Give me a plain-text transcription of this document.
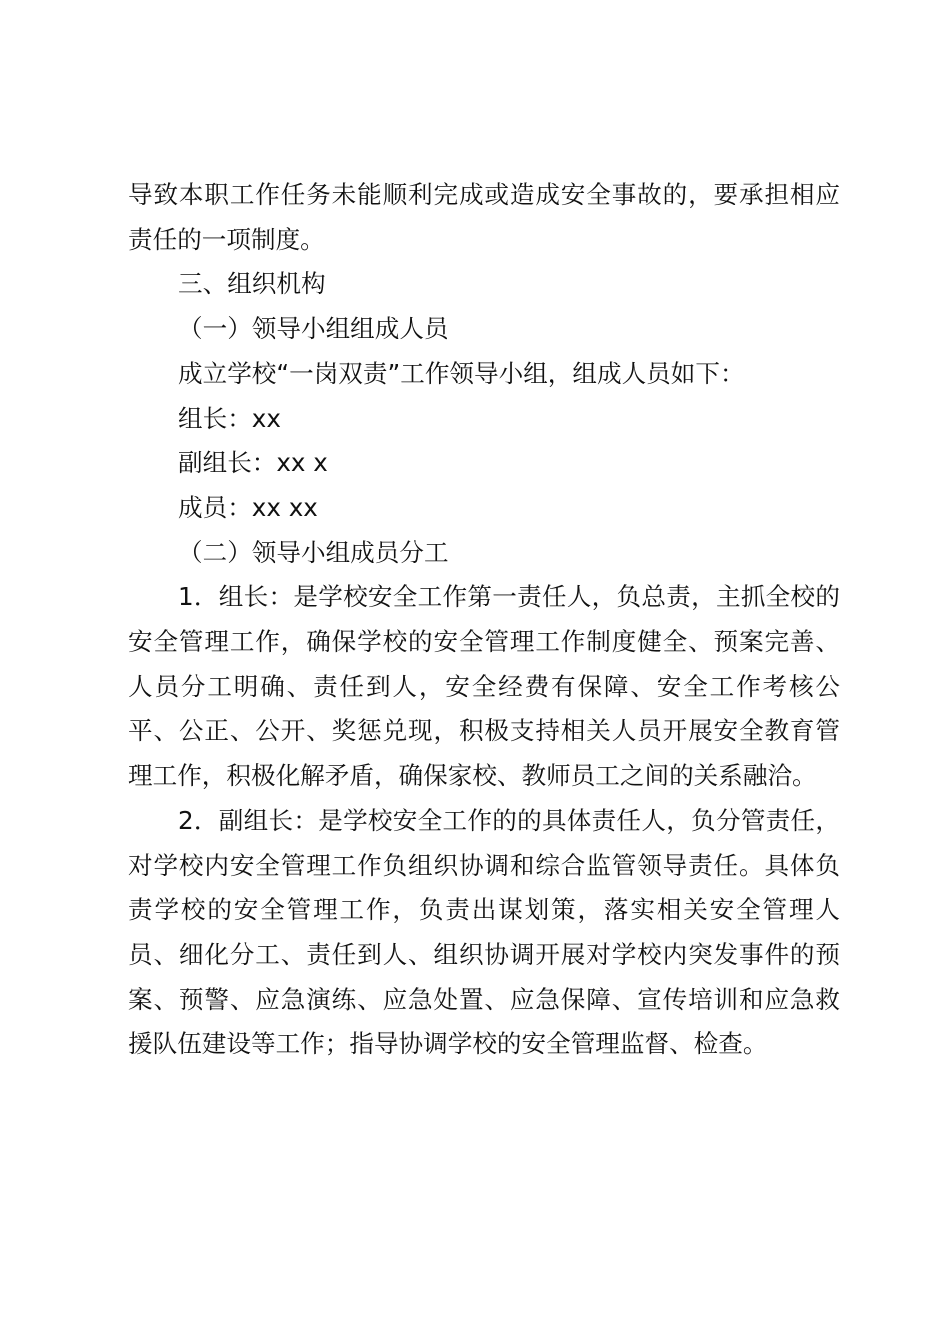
导致本职工作任务未能顺利完成或造成安全事故的，要承担相应责任的一项制度。

三、组织机构

（一）领导小组组成人员

成立学校“一岗双责”工作领导小组，组成人员如下：

组长：xx

副组长：xx x

成员：xx xx

（二）领导小组成员分工

1．组长：是学校安全工作第一责任人，负总责，主抓全校的安全管理工作，确保学校的安全管理工作制度健全、预案完善、人员分工明确、责任到人，安全经费有保障、安全工作考核公平、公正、公开、奖惩兑现，积极支持相关人员开展安全教育管理工作，积极化解矛盾，确保家校、教师员工之间的关系融洽。

2．副组长：是学校安全工作的的具体责任人，负分管责任，对学校内安全管理工作负组织协调和综合监管领导责任。具体负责学校的安全管理工作，负责出谋划策，落实相关安全管理人员、细化分工、责任到人、组织协调开展对学校内突发事件的预案、预警、应急演练、应急处置、应急保障、宣传培训和应急救援队伍建设等工作；指导协调学校的安全管理监督、检查。
